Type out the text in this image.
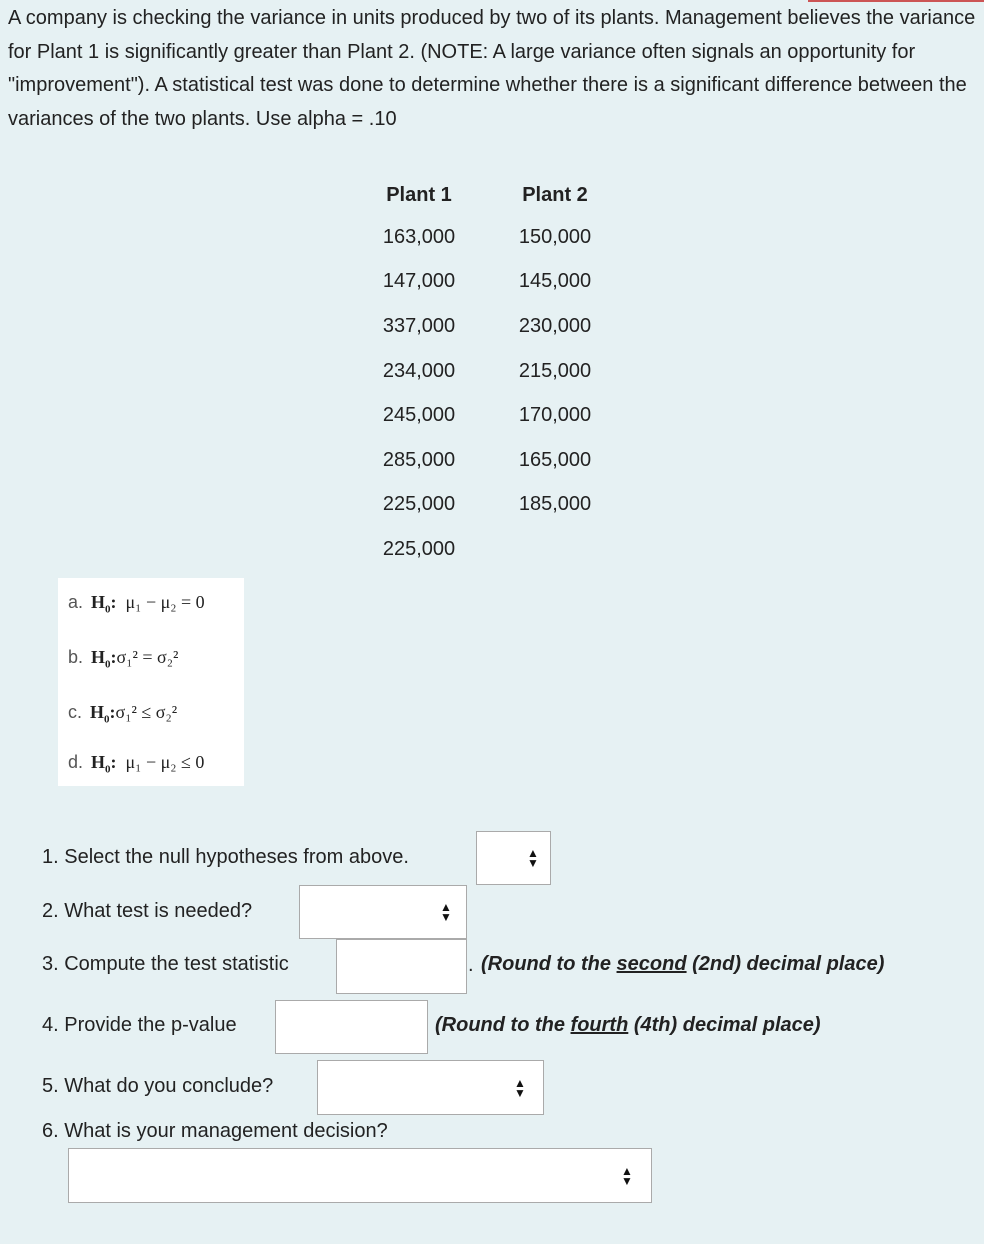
A company is checking the variance in units produced by two of its plants. Management believes the variance for Plant 1 is significantly greater than Plant 2. (NOTE: A large variance often signals an opportunity for "improvement"). A statistical test was done to determine whether there is a significant difference between the variances of the two plants. Use alpha = .10
Plant 1	Plant 2
163,000	150,000
147,000	145,000
337,000	230,000
234,000	215,000
245,000	170,000
285,000	165,000
225,000	185,000
225,000	
a. $H_0$: μ₁ − μ₂ = 0
b. $H_0:\sigma_1^2 = \sigma_2^2$
c. $H_0:\sigma_1^2 \le \sigma_2^2$
d. $H_0$: μ₁ − μ₂ ≤ 0
1. Select the null hypotheses from above.	▲
▼
2. What test is needed?	▲
▼
3. Compute the test statistic	. (Round to the second (2nd) decimal place)
4. Provide the p-value	(Round to the fourth (4th) decimal place)
5. What do you conclude?	▲
▼
6. What is your management decision?
▲
▼
